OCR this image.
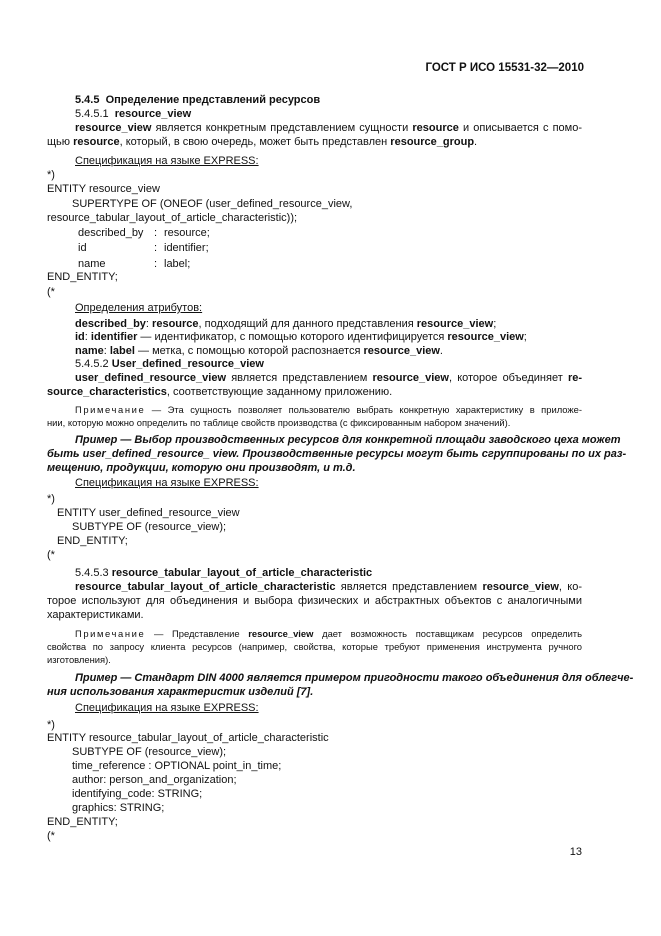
ГОСТ Р ИСО 15531-32—2010
5.4.5 Определение представлений ресурсов
5.4.5.1 resource_view
resource_view является конкретным представлением сущности resource и описывается с помо-
щью resource, который, в свою очередь, может быть представлен resource_group.
Спецификация на языке EXPRESS:
*)
ENTITY resource_view
SUPERTYPE OF (ONEOF (user_defined_resource_view,
resource_tabular_layout_of_article_characteristic));
described_by : resource;
id	: identifier;
name	: label;
END_ENTITY;
(*
Определения атрибутов:
described_by: resource, подходящий для данного представления resource_view;
id: identifier — идентификатор, с помощью которого идентифицируется resource_view;
name: label — метка, с помощью которой распознается resource_view.
5.4.5.2 User_defined_resource_view
user_defined_resource_view является представлением resource_view, которое объединяет re-
source_characteristics, соответствующие заданному приложению.
Примечание — Эта сущность позволяет пользователю выбрать конкретную характеристику в приложе-
нии, которую можно определить по таблице свойств производства (с фиксированным набором значений).
Пример — Выбор производственных ресурсов для конкретной площади заводского цеха может
быть user_defined_resource_ view. Производственные ресурсы могут быть сгруппированы по их раз-
мещению, продукции, которую они производят, и т.д.
Спецификация на языке EXPRESS:
*)
ENTITY user_defined_resource_view
SUBTYPE OF (resource_view);
END_ENTITY;
(*
5.4.5.3 resource_tabular_layout_of_article_characteristic
resource_tabular_layout_of_article_characteristic является представлением resource_view, ко-
торое используют для объединения и выбора физических и абстрактных объектов с аналогичными
характеристиками.
Примечание — Представление resource_view дает возможность поставщикам ресурсов определить
свойства по запросу клиента ресурсов (например, свойства, которые требуют применения инструмента ручного
изготовления).
Пример — Стандарт DIN 4000 является примером пригодности такого объединения для облегче-
ния использования характеристик изделий [7].
Спецификация на языке EXPRESS:
*)
ENTITY resource_tabular_layout_of_article_characteristic
SUBTYPE OF (resource_view);
time_reference : OPTIONAL point_in_time;
author: person_and_organization;
identifying_code: STRING;
graphics: STRING;
END_ENTITY;
(*
13
